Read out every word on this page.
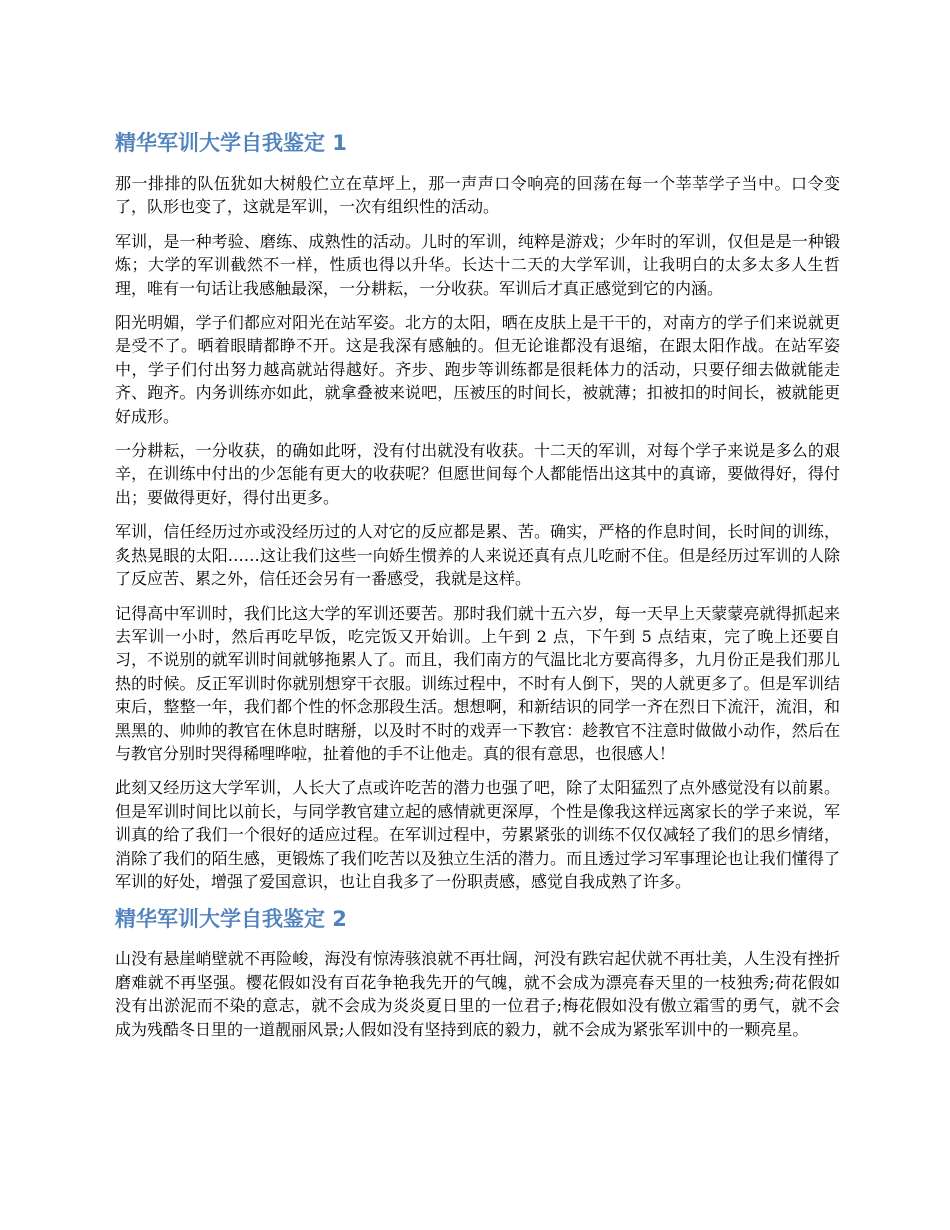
精华军训大学自我鉴定 1

那一排排的队伍犹如大树般伫立在草坪上，那一声声口令响亮的回荡在每一个莘莘学子当中。口令变了，队形也变了，这就是军训，一次有组织性的活动。

军训，是一种考验、磨练、成熟性的活动。儿时的军训，纯粹是游戏；少年时的军训，仅但是是一种锻炼；大学的军训截然不一样，性质也得以升华。长达十二天的大学军训，让我明白的太多太多人生哲理，唯有一句话让我感触最深，一分耕耘，一分收获。军训后才真正感觉到它的内涵。

阳光明媚，学子们都应对阳光在站军姿。北方的太阳，晒在皮肤上是干干的，对南方的学子们来说就更是受不了。晒着眼睛都睁不开。这是我深有感触的。但无论谁都没有退缩，在跟太阳作战。在站军姿中，学子们付出努力越高就站得越好。齐步、跑步等训练都是很耗体力的活动，只要仔细去做就能走齐、跑齐。内务训练亦如此，就拿叠被来说吧，压被压的时间长，被就薄；扣被扣的时间长，被就能更好成形。

一分耕耘，一分收获，的确如此呀，没有付出就没有收获。十二天的军训，对每个学子来说是多么的艰辛，在训练中付出的少怎能有更大的收获呢？但愿世间每个人都能悟出这其中的真谛，要做得好，得付出；要做得更好，得付出更多。

军训，信任经历过亦或没经历过的人对它的反应都是累、苦。确实，严格的作息时间，长时间的训练，炙热晃眼的太阳……这让我们这些一向娇生惯养的人来说还真有点儿吃耐不住。但是经历过军训的人除了反应苦、累之外，信任还会另有一番感受，我就是这样。

记得高中军训时，我们比这大学的军训还要苦。那时我们就十五六岁，每一天早上天蒙蒙亮就得抓起来去军训一小时，然后再吃早饭，吃完饭又开始训。上午到 2 点，下午到 5 点结束，完了晚上还要自习，不说别的就军训时间就够拖累人了。而且，我们南方的气温比北方要高得多，九月份正是我们那儿热的时候。反正军训时你就别想穿干衣服。训练过程中，不时有人倒下，哭的人就更多了。但是军训结束后，整整一年，我们都个性的怀念那段生活。想想啊，和新结识的同学一齐在烈日下流汗，流泪，和黑黑的、帅帅的教官在休息时瞎掰，以及时不时的戏弄一下教官：趁教官不注意时做做小动作，然后在与教官分别时哭得稀哩哗啦，扯着他的手不让他走。真的很有意思，也很感人！

此刻又经历这大学军训，人长大了点或许吃苦的潜力也强了吧，除了太阳猛烈了点外感觉没有以前累。但是军训时间比以前长，与同学教官建立起的感情就更深厚，个性是像我这样远离家长的学子来说，军训真的给了我们一个很好的适应过程。在军训过程中，劳累紧张的训练不仅仅减轻了我们的思乡情绪，消除了我们的陌生感，更锻炼了我们吃苦以及独立生活的潜力。而且透过学习军事理论也让我们懂得了军训的好处，增强了爱国意识，也让自我多了一份职责感，感觉自我成熟了许多。

精华军训大学自我鉴定 2

山没有悬崖峭壁就不再险峻，海没有惊涛骇浪就不再壮阔，河没有跌宕起伏就不再壮美，人生没有挫折磨难就不再坚强。樱花假如没有百花争艳我先开的气魄，就不会成为漂亮春天里的一枝独秀;荷花假如没有出淤泥而不染的意志，就不会成为炎炎夏日里的一位君子;梅花假如没有傲立霜雪的勇气，就不会成为残酷冬日里的一道靓丽风景;人假如没有坚持到底的毅力，就不会成为紧张军训中的一颗亮星。
